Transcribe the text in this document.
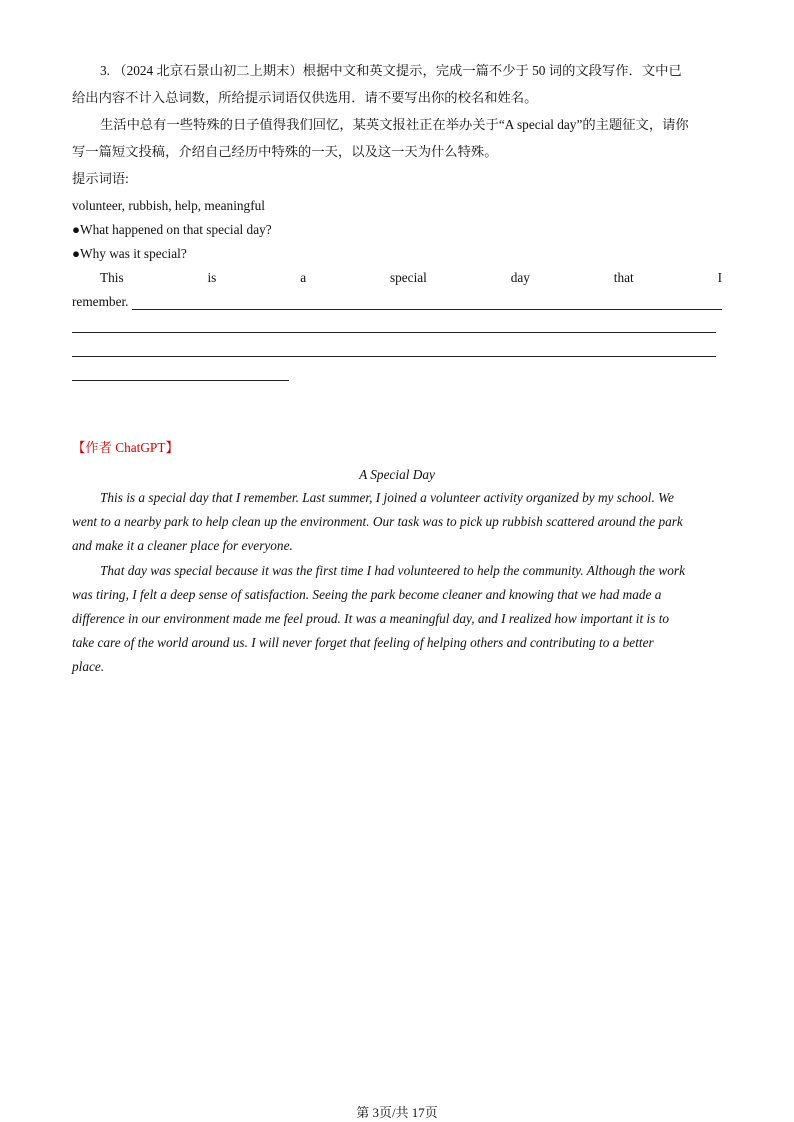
3. （2024 北京石景山初二上期末）根据中文和英文提示，完成一篇不少于 50 词的文段写作．文中已
给出内容不计入总词数，所给提示词语仅供选用．请不要写出你的校名和姓名。
生活中总有一些特殊的日子值得我们回忆，某英文报社正在举办关于“A special day”的主题征文，请你
写一篇短文投稿，介绍自己经历中特殊的一天，以及这一天为什么特殊。
提示词语:
volunteer, rubbish, help, meaningful
●What happened on that special day?
●Why was it special?
This	is	a	special	day	that	I
remember.
【作者 ChatGPT】
A Special Day
This is a special day that I remember. Last summer, I joined a volunteer activity organized by my school. We
went to a nearby park to help clean up the environment. Our task was to pick up rubbish scattered around the park
and make it a cleaner place for everyone.
That day was special because it was the first time I had volunteered to help the community. Although the work
was tiring, I felt a deep sense of satisfaction. Seeing the park become cleaner and knowing that we had made a
difference in our environment made me feel proud. It was a meaningful day, and I realized how important it is to
take care of the world around us. I will never forget that feeling of helping others and contributing to a better
place.
第 3页/共 17页
